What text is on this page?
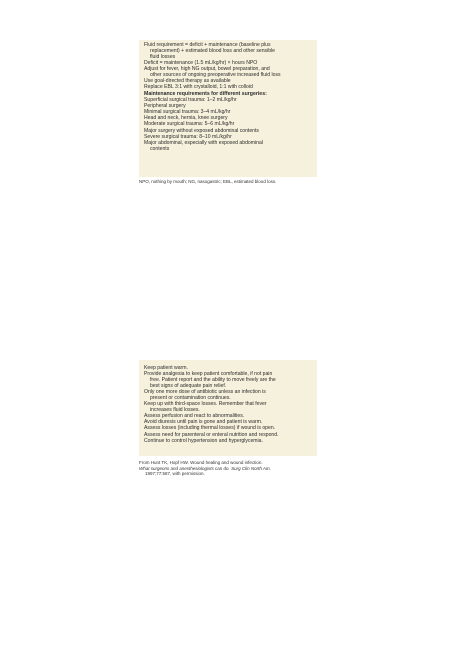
Fluid requirement = deficit + maintenance (baseline plus
replacement) + estimated blood loss and other sensible
fluid losses
Deficit = maintenance (1.5 mL/kg/hr) × hours NPO
Adjust for fever, high NG output, bowel preparation, and
other sources of ongoing preoperative increased fluid loss
Use goal-directed therapy as available
Replace EBL 3:1 with crystalloid, 1:1 with colloid
Maintenance requirements for different surgeries:
Superficial surgical trauma: 1–2 mL/kg/hr
Peripheral surgery
Minimal surgical trauma: 3–4 mL/kg/hr
Head and neck, hernia, knee surgery
Moderate surgical trauma: 5–6 mL/kg/hr
Major surgery without exposed abdominal contents
Severe surgical trauma: 8–10 mL/kg/hr
Major abdominal, especially with exposed abdominal
contents
NPO, nothing by mouth; NG, nasogastric; EBL, estimated blood loss.
Keep patient warm.
Provide analgesia to keep patient comfortable, if not pain
free. Patient report and the ability to move freely are the
best signs of adequate pain relief.
Only one more dose of antibiotic unless an infection is
present or contamination continues.
Keep up with third-space losses. Remember that fever
increases fluid losses.
Assess perfusion and react to abnormalities.
Avoid diuresis until pain is gone and patient is warm.
Assess losses (including thermal losses) if wound is open.
Assess need for parenteral or enteral nutrition and respond.
Continue to control hypertension and hyperglycemia.
From Hunt TK, Hopf HW. Wound healing and wound infection.
What surgeons and anesthesiologists can do. Surg Clin North Am.
1997;77:587, with permission.
